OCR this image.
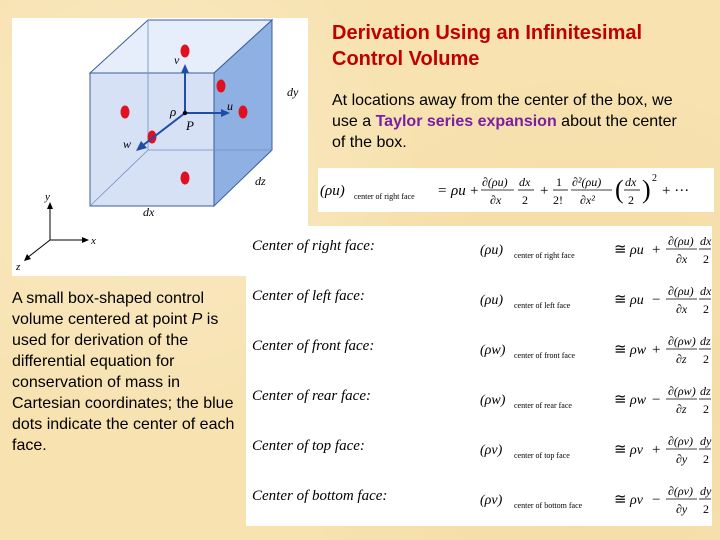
Derivation Using an Infinitesimal Control Volume
At locations away from the center of the box, we use a Taylor series expansion about the center of the box.
v
u
w
ρ
P
dy
dz
dx
y
x
z
A small box-shaped control volume centered at point P is used for derivation of the differential equation for conservation of mass in Cartesian coordinates; the blue dots indicate the center of each face.
(ρu) center of right face = ρu +
∂(ρu)
∂x
dx
2
+
1
2!
∂²(ρu)
∂x² ( dx
2 ) 2
+ ···
Center of right face:	(ρu) center of right face	≅ ρu +
∂(ρu)
∂x
dx
2
Center of left face:	(ρu) center of left face	≅ ρu −
∂(ρu)
∂x
dx
2
Center of front face:	(ρw) center of front face	≅ ρw +
∂(ρw)
∂z
dz
2
Center of rear face:	(ρw) center of rear face	≅ ρw −
∂(ρw)
∂z
dz
2
Center of top face:	(ρv) center of top face	≅ ρv +
∂(ρv)
∂y
dy
2
Center of bottom face:	(ρv) center of bottom face ≅ ρv −
∂(ρv)
∂y
dy
2
